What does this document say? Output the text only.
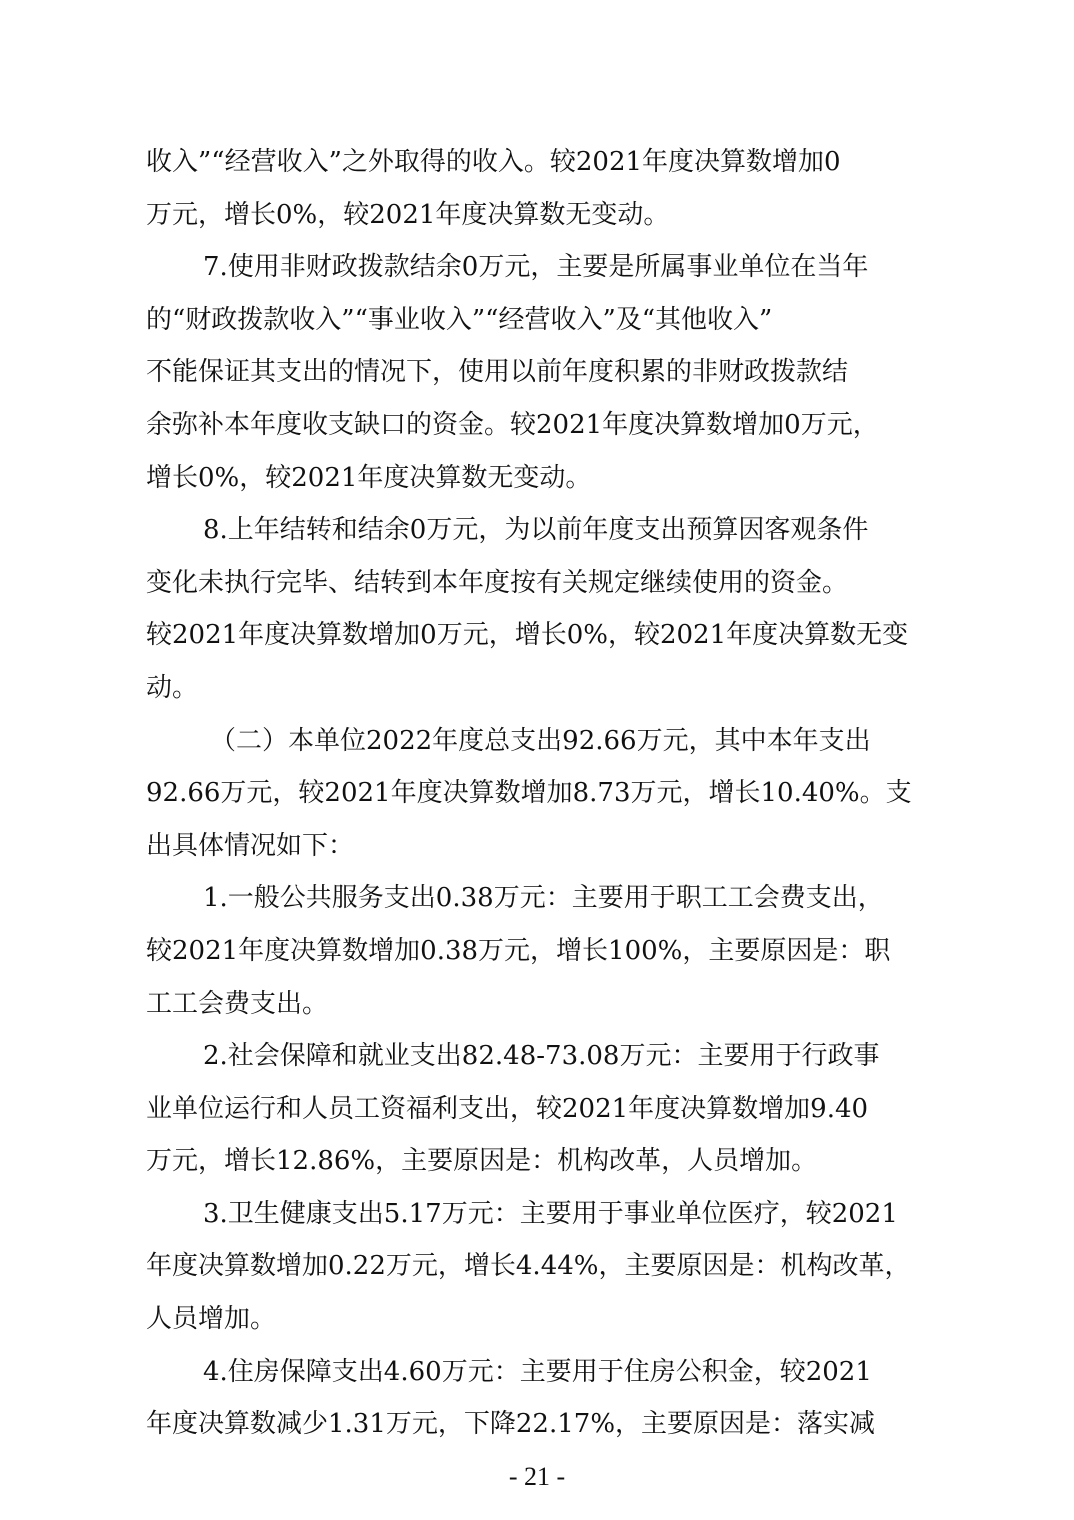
收入”“经营收入”之外取得的收入。较2021年度决算数增加0
万元，增长0%，较2021年度决算数无变动。
7.使用非财政拨款结余0万元，主要是所属事业单位在当年
的“财政拨款收入”“事业收入”“经营收入”及“其他收入”
不能保证其支出的情况下，使用以前年度积累的非财政拨款结
余弥补本年度收支缺口的资金。较2021年度决算数增加0万元，
增长0%，较2021年度决算数无变动。
8.上年结转和结余0万元，为以前年度支出预算因客观条件
变化未执行完毕、结转到本年度按有关规定继续使用的资金。
较2021年度决算数增加0万元，增长0%，较2021年度决算数无变
动。
（二）本单位2022年度总支出92.66万元，其中本年支出
92.66万元，较2021年度决算数增加8.73万元，增长10.40%。支
出具体情况如下：
1.一般公共服务支出0.38万元：主要用于职工工会费支出，
较2021年度决算数增加0.38万元，增长100%，主要原因是：职
工工会费支出。
2.社会保障和就业支出82.48-73.08万元：主要用于行政事
业单位运行和人员工资福利支出，较2021年度决算数增加9.40
万元，增长12.86%，主要原因是：机构改革，人员增加。
3.卫生健康支出5.17万元：主要用于事业单位医疗，较2021
年度决算数增加0.22万元，增长4.44%，主要原因是：机构改革，
人员增加。
4.住房保障支出4.60万元：主要用于住房公积金，较2021
年度决算数减少1.31万元，下降22.17%，主要原因是：落实减
- 21 -
